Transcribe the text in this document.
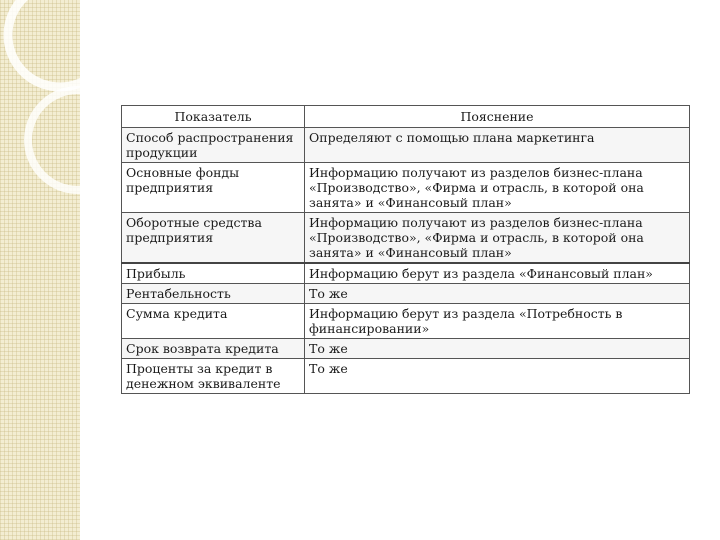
Показатель	Пояснение
Способ распространения продукции	Определяют с помощью плана маркетинга
Основные фонды предприятия	Информацию получают из разделов бизнес-плана «Производство», «Фирма и отрасль, в которой она занята» и «Финансовый план»
Оборотные средства предприятия	Информацию получают из разделов бизнес-плана «Производство», «Фирма и отрасль, в которой она занята» и «Финансовый план»
Прибыль	Информацию берут из раздела «Финансовый план»
Рентабельность	То же
Сумма кредита	Информацию берут из раздела «Потребность в финансировании»
Срок возврата кредита	То же
Проценты за кредит в денежном эквиваленте	То же
